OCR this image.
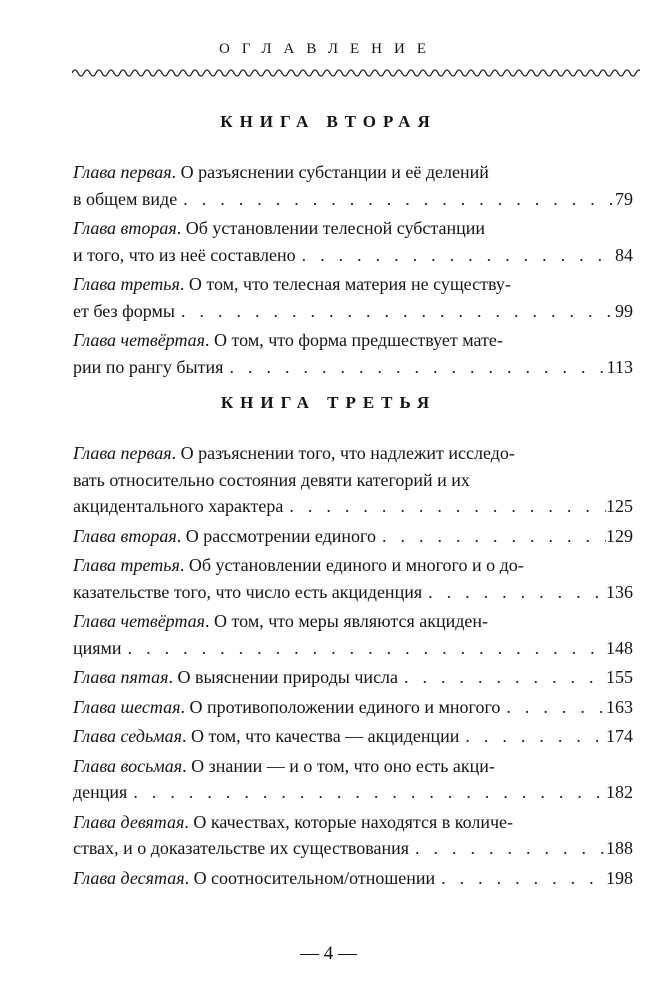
ОГЛАВЛЕНИЕ
КНИГА ВТОРАЯ
Глава первая. О разъяснении субстанции и её делений
в общем виде .....	79
Глава вторая. Об установлении телесной субстанции
и того, что из неё составлено .....	84
Глава третья. О том, что телесная материя не существу-
ет без формы .....	99
Глава четвёртая. О том, что форма предшествует мате-
рии по рангу бытия .....	113
КНИГА ТРЕТЬЯ
Глава первая. О разъяснении того, что надлежит исследо-
вать относительно состояния девяти категорий и их
акцидентального характера .....	125
Глава вторая. О рассмотрении единого .....	129
Глава третья. Об установлении единого и многого и о до-
казательстве того, что число есть акциденция .....	136
Глава четвёртая. О том, что меры являются акциден-
циями .....	148
Глава пятая. О выяснении природы числа .....	155
Глава шестая. О противоположении единого и многого .....	163
Глава седьмая. О том, что качества — акциденции .....	174
Глава восьмая. О знании — и о том, что оно есть акци-
денция .....	182
Глава девятая. О качествах, которые находятся в количе-
ствах, и о доказательстве их существования .....	188
Глава десятая. О соотносительном/отношении .....	198
— 4 —
